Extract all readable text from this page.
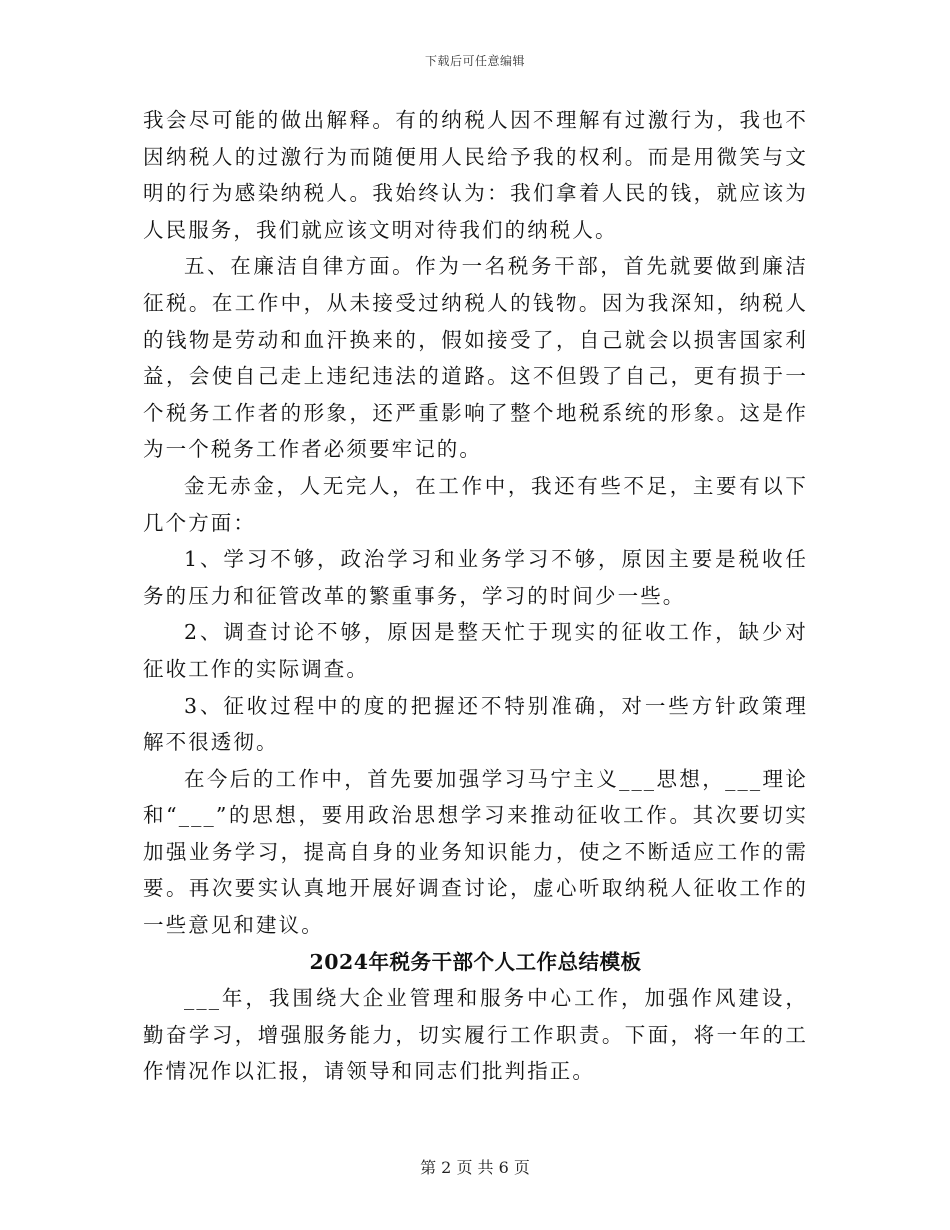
下载后可任意编辑

我会尽可能的做出解释。有的纳税人因不理解有过激行为，我也不因纳税人的过激行为而随便用人民给予我的权利。而是用微笑与文明的行为感染纳税人。我始终认为：我们拿着人民的钱，就应该为人民服务，我们就应该文明对待我们的纳税人。

五、在廉洁自律方面。作为一名税务干部，首先就要做到廉洁征税。在工作中，从未接受过纳税人的钱物。因为我深知，纳税人的钱物是劳动和血汗换来的，假如接受了，自己就会以损害国家利益，会使自己走上违纪违法的道路。这不但毁了自己，更有损于一个税务工作者的形象，还严重影响了整个地税系统的形象。这是作为一个税务工作者必须要牢记的。

金无赤金，人无完人，在工作中，我还有些不足，主要有以下几个方面：

1、学习不够，政治学习和业务学习不够，原因主要是税收任务的压力和征管改革的繁重事务，学习的时间少一些。

2、调查讨论不够，原因是整天忙于现实的征收工作，缺少对征收工作的实际调查。

3、征收过程中的度的把握还不特别准确，对一些方针政策理解不很透彻。

在今后的工作中，首先要加强学习马宁主义___思想，___理论和“___”的思想，要用政治思想学习来推动征收工作。其次要切实加强业务学习，提高自身的业务知识能力，使之不断适应工作的需要。再次要实认真地开展好调查讨论，虚心听取纳税人征收工作的一些意见和建议。

2024年税务干部个人工作总结模板

___年，我围绕大企业管理和服务中心工作，加强作风建设，勤奋学习，增强服务能力，切实履行工作职责。下面，将一年的工作情况作以汇报，请领导和同志们批判指正。

第 2 页 共 6 页
